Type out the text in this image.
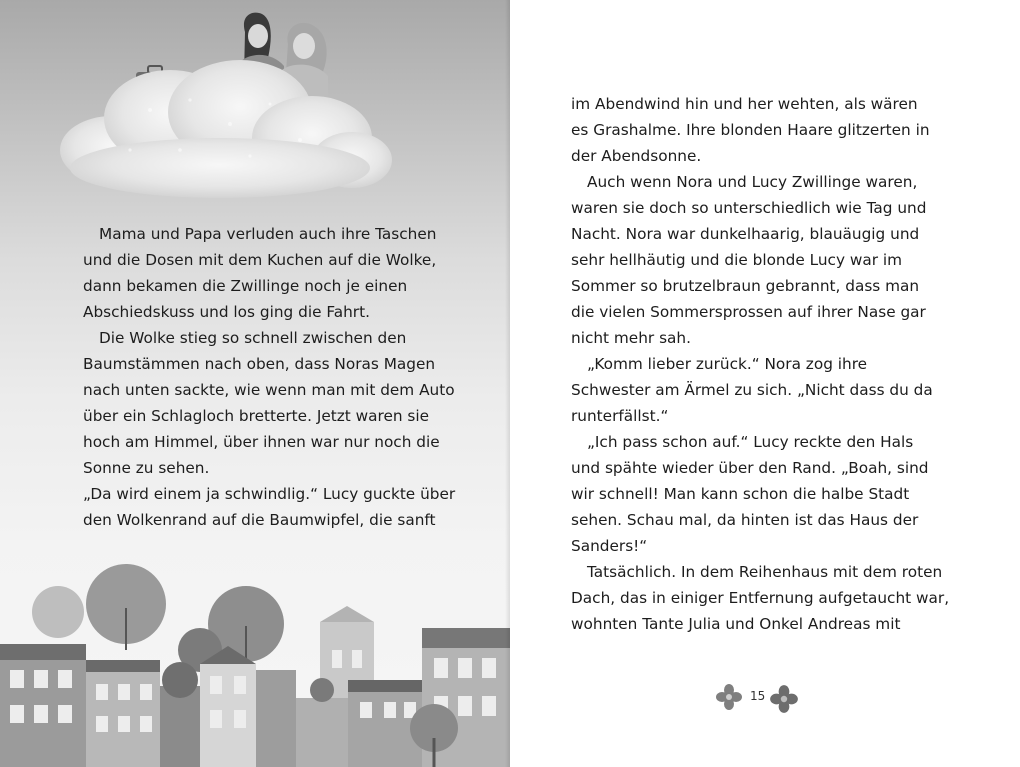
Mama und Papa verluden auch ihre Taschen
und die Dosen mit dem Kuchen auf die Wolke,
dann bekamen die Zwillinge noch je einen
Abschiedskuss und los ging die Fahrt.
Die Wolke stieg so schnell zwischen den
Baumstämmen nach oben, dass Noras Magen
nach unten sackte, wie wenn man mit dem Auto
über ein Schlagloch bretterte. Jetzt waren sie
hoch am Himmel, über ihnen war nur noch die
Sonne zu sehen.
„Da wird einem ja schwindlig.“ Lucy guckte über
den Wolkenrand auf die Baumwipfel, die sanft
im Abendwind hin und her wehten, als wären
es Grashalme. Ihre blonden Haare glitzerten in
der Abendsonne.
Auch wenn Nora und Lucy Zwillinge waren,
waren sie doch so unterschiedlich wie Tag und
Nacht. Nora war dunkelhaarig, blauäugig und
sehr hellhäutig und die blonde Lucy war im
Sommer so brutzelbraun gebrannt, dass man
die vielen Sommersprossen auf ihrer Nase gar
nicht mehr sah.
„Komm lieber zurück.“ Nora zog ihre
Schwester am Ärmel zu sich. „Nicht dass du da
runterfällst.“
„Ich pass schon auf.“ Lucy reckte den Hals
und spähte wieder über den Rand. „Boah, sind
wir schnell! Man kann schon die halbe Stadt
sehen. Schau mal, da hinten ist das Haus der
Sanders!“
Tatsächlich. In dem Reihenhaus mit dem roten
Dach, das in einiger Entfernung aufgetaucht war,
wohnten Tante Julia und Onkel Andreas mit
15
